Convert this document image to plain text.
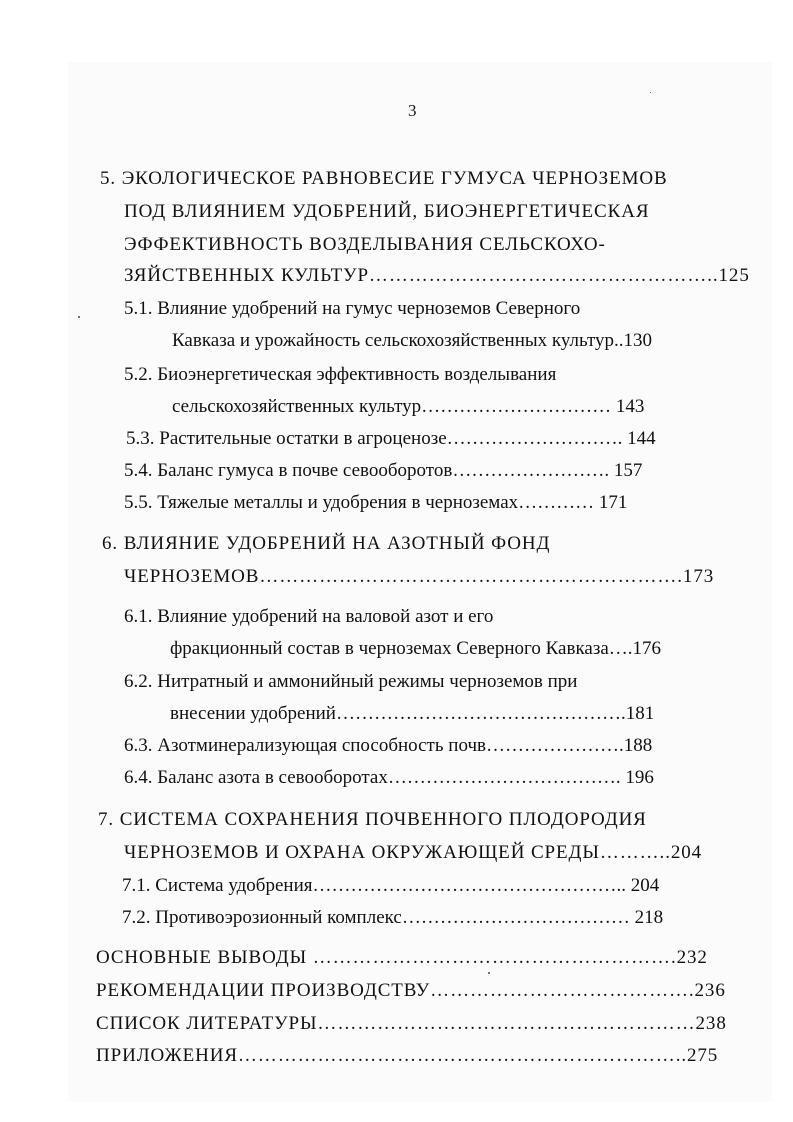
3
5. ЭКОЛОГИЧЕСКОЕ РАВНОВЕСИЕ ГУМУСА ЧЕРНОЗЕМОВ
ПОД ВЛИЯНИЕМ УДОБРЕНИЙ, БИОЭНЕРГЕТИЧЕСКАЯ
ЭФФЕКТИВНОСТЬ ВОЗДЕЛЫВАНИЯ СЕЛЬСКОХО-
ЗЯЙСТВЕННЫХ КУЛЬТУР……………………………………………..125
5.1. Влияние удобрений на гумус черноземов Северного
Кавказа и урожайность сельскохозяйственных культур..130
5.2. Биоэнергетическая эффективность возделывания
сельскохозяйственных культур………………………… 143
5.3. Растительные остатки в агроценозе………………………. 144
5.4. Баланс гумуса в почве севооборотов……………………. 157
5.5. Тяжелые металлы и удобрения в черноземах………… 171
6. ВЛИЯНИЕ УДОБРЕНИЙ НА АЗОТНЫЙ ФОНД
ЧЕРНОЗЕМОВ……………………………………………………….173
6.1. Влияние удобрений на валовой азот и его
фракционный состав в черноземах Северного Кавказа….176
6.2. Нитратный и аммонийный режимы черноземов при
внесении удобрений……………………………………….181
6.3. Азотминерализующая способность почв………………….188
6.4. Баланс азота в севооборотах………………………………. 196
7. СИСТЕМА СОХРАНЕНИЯ ПОЧВЕННОГО ПЛОДОРОДИЯ
ЧЕРНОЗЕМОВ И ОХРАНА ОКРУЖАЮЩЕЙ СРЕДЫ………..204
7.1. Система удобрения………………………………………….. 204
7.2. Противоэрозионный комплекс……………………………… 218
ОСНОВНЫЕ ВЫВОДЫ ……………………………………………….232
РЕКОМЕНДАЦИИ ПРОИЗВОДСТВУ………………………………….236
СПИСОК ЛИТЕРАТУРЫ…………………………………………………238
ПРИЛОЖЕНИЯ…………………………………………………………..275
